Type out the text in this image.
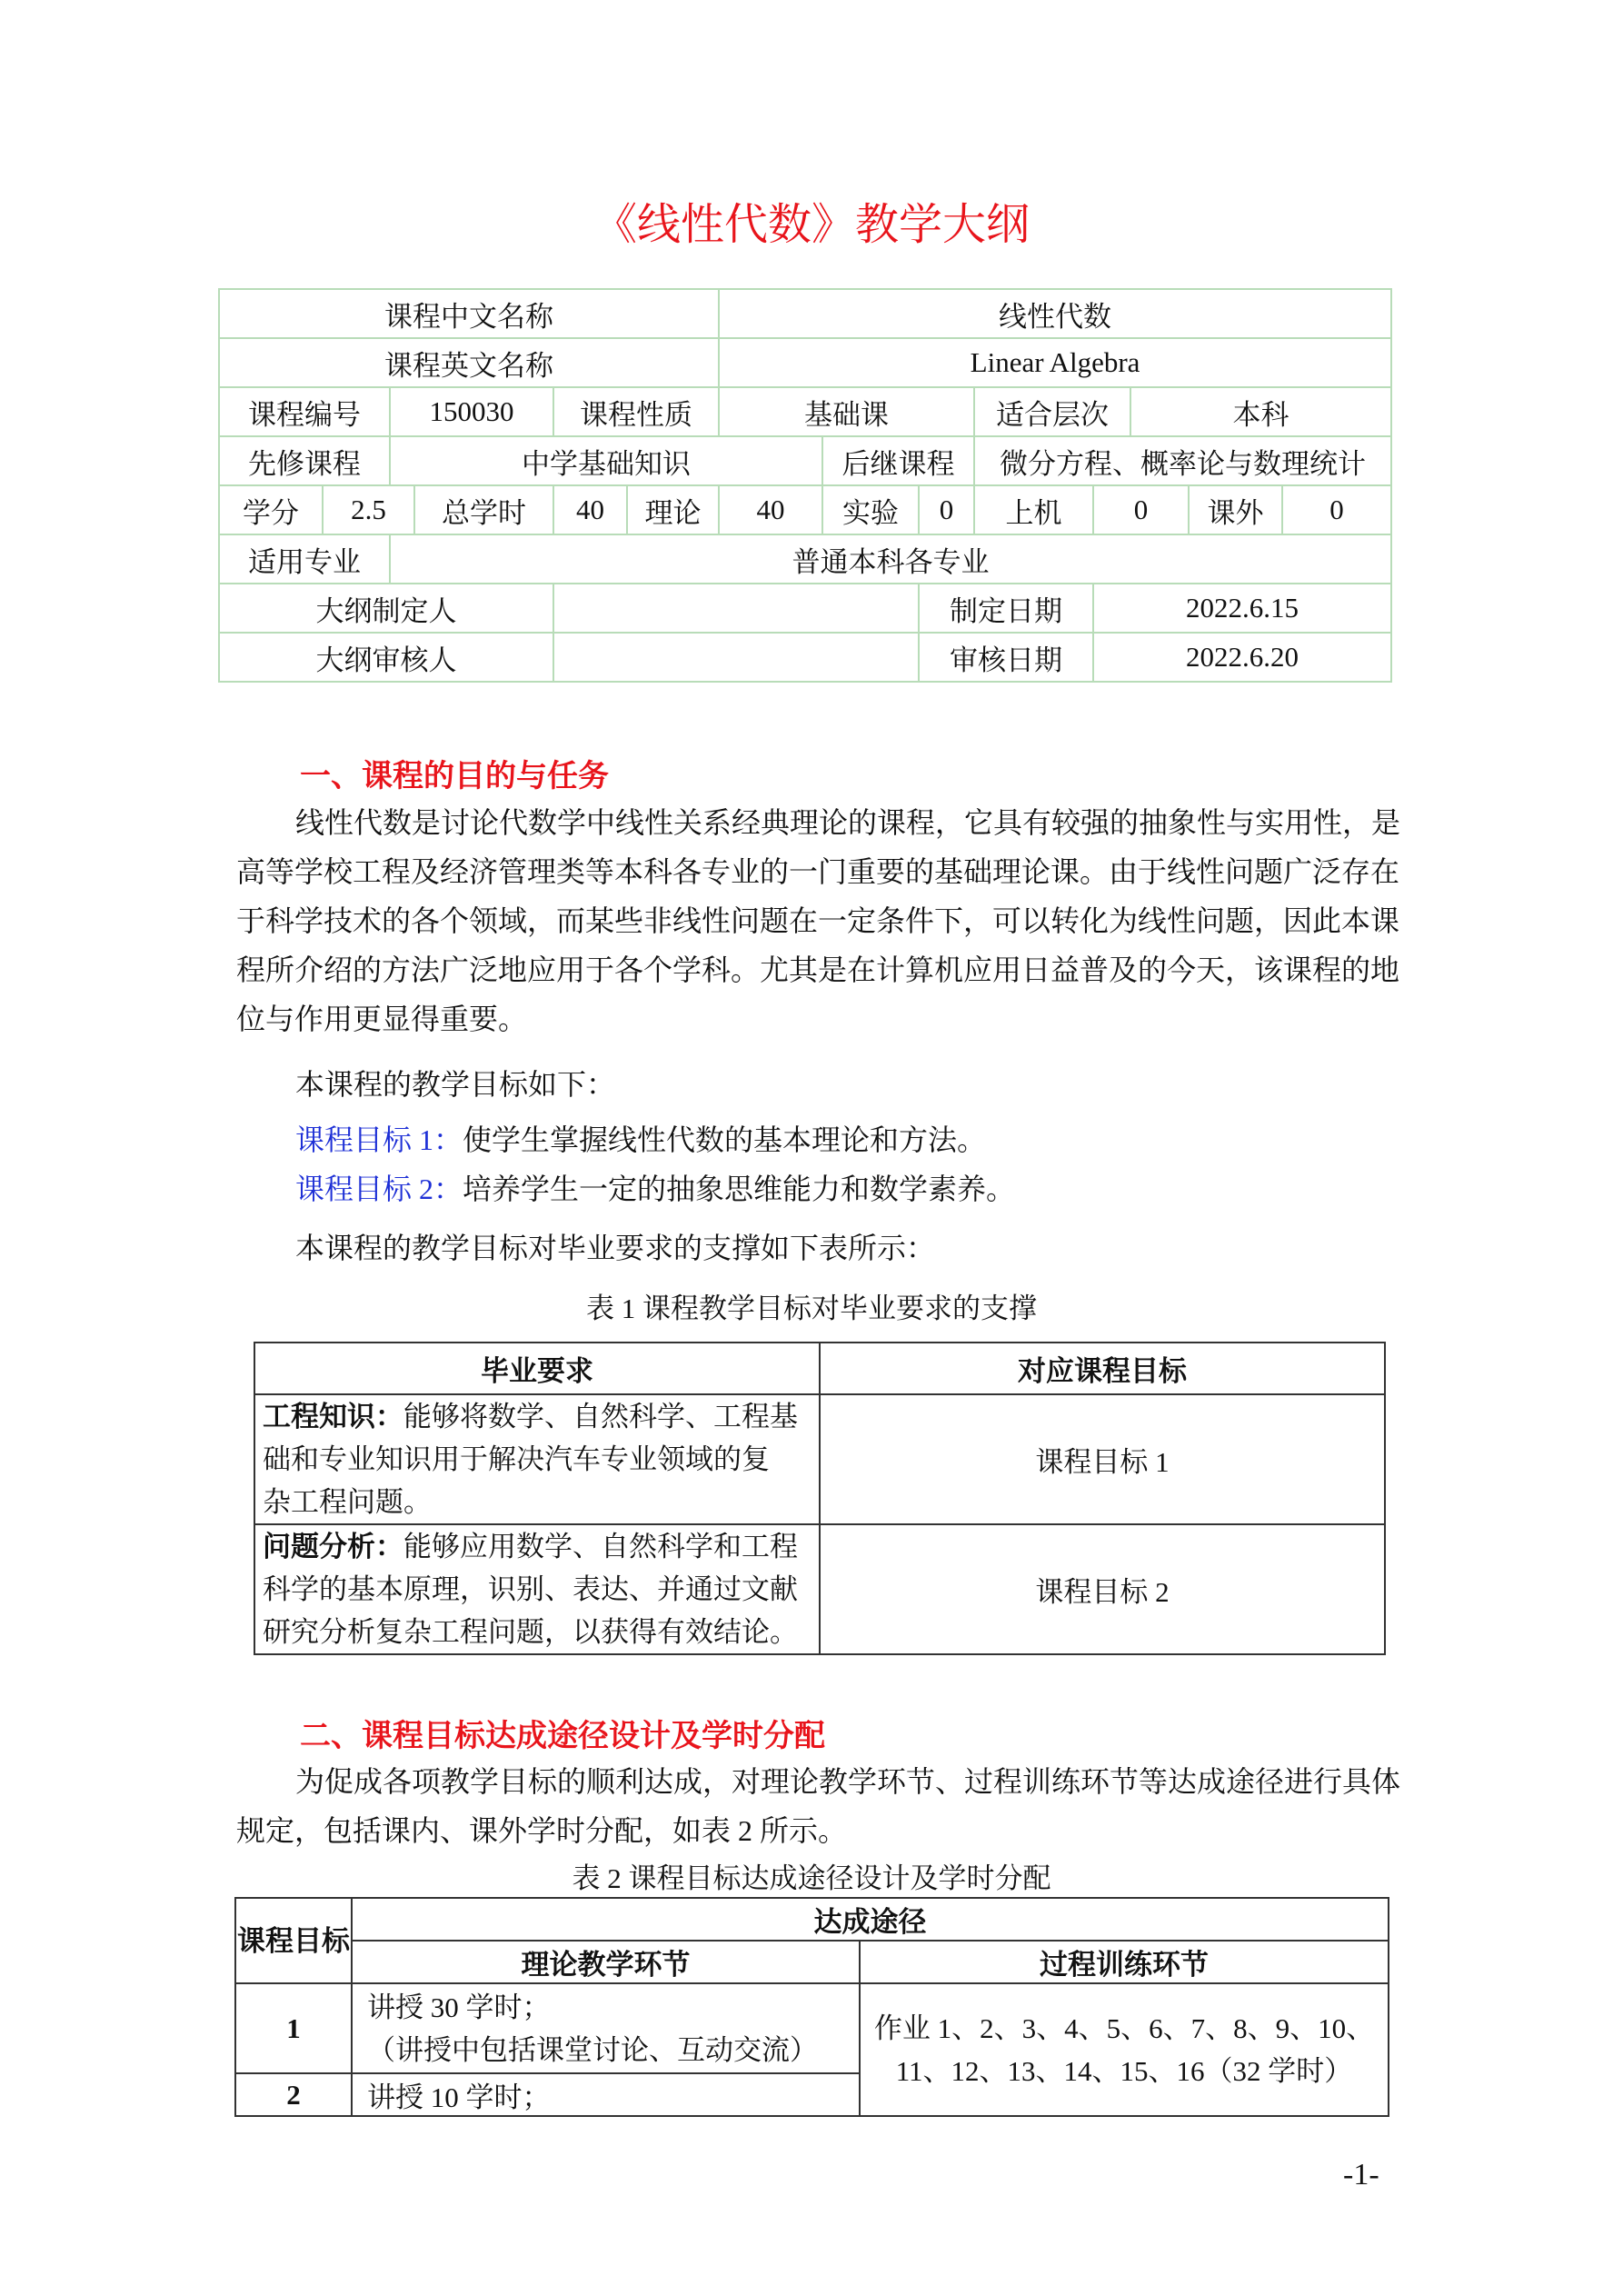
《线性代数》教学大纲
课程中文名称						线性代数							
课程英文名称						Linear Algebra							
课程编号		150030		课程性质		基础课			适合层次		本科		
先修课程		中学基础知识					后继课程		微分方程、概率论与数理统计				
学分	2.5		总学时	40	理论	40	实验	0	上机	0		课外	0
适用专业		普通本科各专业											
大纲制定人								制定日期		2022.6.15			
大纲审核人								审核日期		2022.6.20			
一、课程的目的与任务
线性代数是讨论代数学中线性关系经典理论的课程，它具有较强的抽象性与实用性，是
高等学校工程及经济管理类等本科各专业的一门重要的基础理论课。由于线性问题广泛存在
于科学技术的各个领域，而某些非线性问题在一定条件下，可以转化为线性问题，因此本课
程所介绍的方法广泛地应用于各个学科。尤其是在计算机应用日益普及的今天，该课程的地
位与作用更显得重要。
本课程的教学目标如下：
课程目标 1：使学生掌握线性代数的基本理论和方法。
课程目标 2：培养学生一定的抽象思维能力和数学素养。
本课程的教学目标对毕业要求的支撑如下表所示：
表 1 课程教学目标对毕业要求的支撑
毕业要求	对应课程目标
工程知识：能够将数学、自然科学、工程基
础和专业知识用于解决汽车专业领域的复
杂工程问题。	课程目标 1
问题分析：能够应用数学、自然科学和工程
科学的基本原理，识别、表达、并通过文献
研究分析复杂工程问题，以获得有效结论。	课程目标 2
二、课程目标达成途径设计及学时分配
为促成各项教学目标的顺利达成，对理论教学环节、过程训练环节等达成途径进行具体
规定，包括课内、课外学时分配，如表 2 所示。
表 2 课程目标达成途径设计及学时分配
课程目标	达成途径	
	理论教学环节	过程训练环节
1	讲授 30 学时；
（讲授中包括课堂讨论、互动交流）	作业 1、2、3、4、5、6、7、8、9、10、
11、12、13、14、15、16（32 学时）
2	讲授 10 学时；	
-1-
